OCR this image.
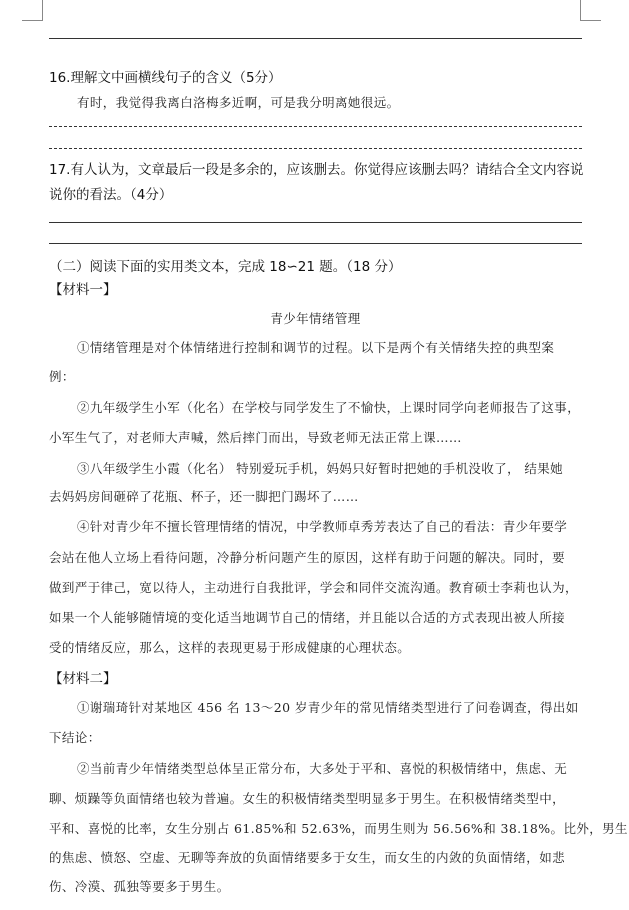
16.理解文中画横线句子的含义（5分）
有时，我觉得我离白洛梅多近啊，可是我分明离她很远。
17.有人认为，文章最后一段是多余的，应该删去。你觉得应该删去吗？请结合全文内容说
说你的看法。（4分）
（二）阅读下面的实用类文本，完成 18∽21 题。（18 分）
【材料一】
青少年情绪管理
①情绪管理是对个体情绪进行控制和调节的过程。以下是两个有关情绪失控的典型案
例：
②九年级学生小军（化名）在学校与同学发生了不愉快，上课时同学向老师报告了这事，
小军生气了，对老师大声喊，然后摔门而出，导致老师无法正常上课……
③八年级学生小霞（化名） 特别爱玩手机，妈妈只好暂时把她的手机没收了， 结果她
去妈妈房间砸碎了花瓶、杯子，还一脚把门踢坏了……
④针对青少年不擅长管理情绪的情况，中学教师卓秀芳表达了自己的看法：青少年要学
会站在他人立场上看待问题，冷静分析问题产生的原因，这样有助于问题的解决。同时，要
做到严于律己，宽以待人，主动进行自我批评，学会和同伴交流沟通。教育硕士李莉也认为，
如果一个人能够随情境的变化适当地调节自己的情绪，并且能以合适的方式表现出被人所接
受的情绪反应，那么，这样的表现更易于形成健康的心理状态。
【材料二】
①谢瑞琦针对某地区 456 名 13～20 岁青少年的常见情绪类型进行了问卷调查，得出如
下结论：
②当前青少年情绪类型总体呈正常分布，大多处于平和、喜悦的积极情绪中，焦虑、无
聊、烦躁等负面情绪也较为普遍。女生的积极情绪类型明显多于男生。在积极情绪类型中，
平和、喜悦的比率，女生分别占 61.85%和 52.63%，而男生则为 56.56%和 38.18%。比外，男生
的焦虑、愤怒、空虚、无聊等奔放的负面情绪要多于女生，而女生的内敛的负面情绪，如悲
伤、冷漠、孤独等要多于男生。
